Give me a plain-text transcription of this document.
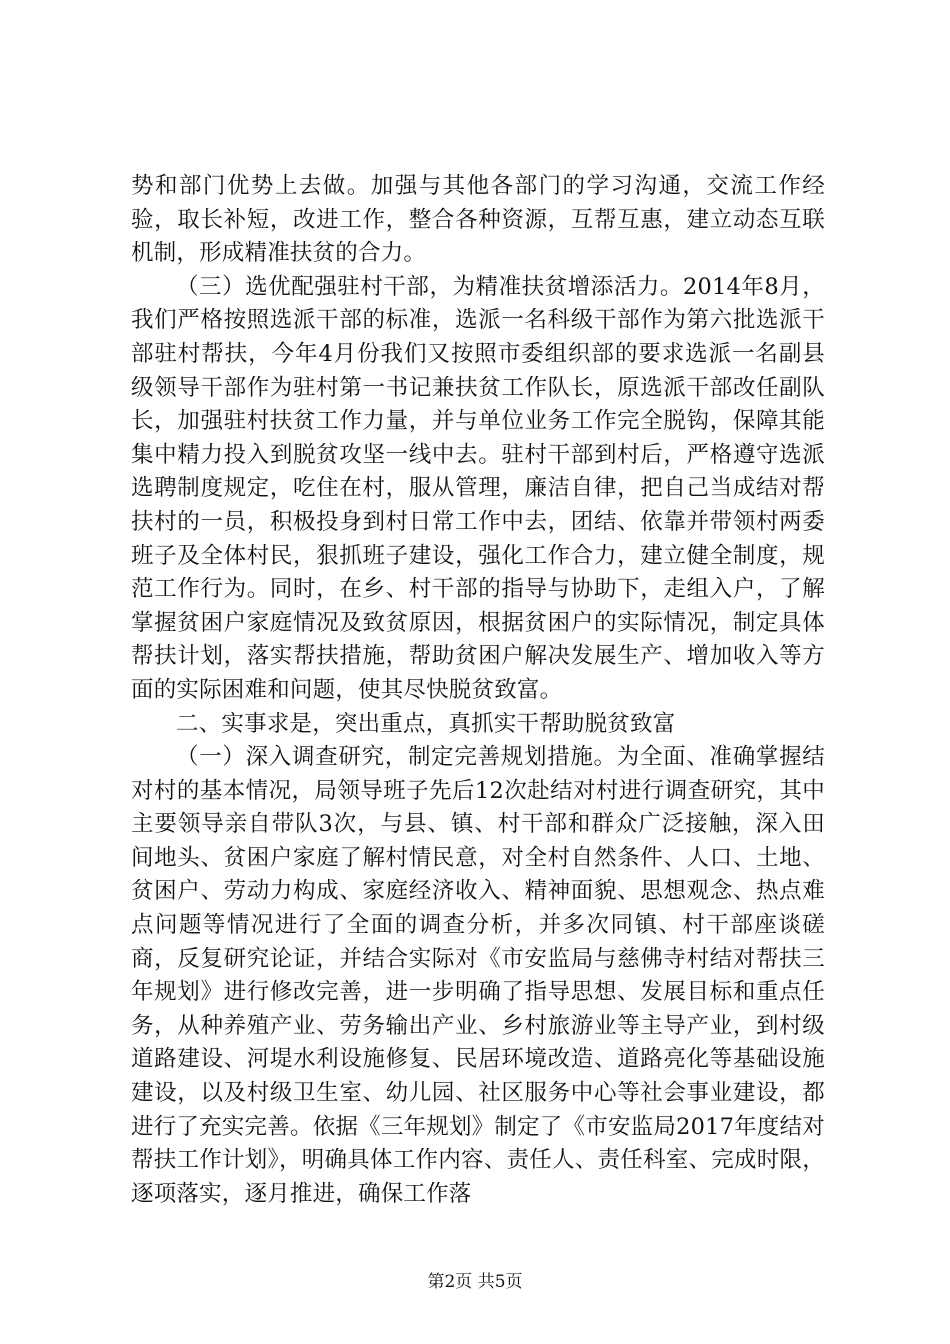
势和部门优势上去做。加强与其他各部门的学习沟通，交流工作经验，取长补短，改进工作，整合各种资源，互帮互惠，建立动态互联机制，形成精准扶贫的合力。

（三）选优配强驻村干部，为精准扶贫增添活力。2014年8月，我们严格按照选派干部的标准，选派一名科级干部作为第六批选派干部驻村帮扶，今年4月份我们又按照市委组织部的要求选派一名副县级领导干部作为驻村第一书记兼扶贫工作队长，原选派干部改任副队长，加强驻村扶贫工作力量，并与单位业务工作完全脱钩，保障其能集中精力投入到脱贫攻坚一线中去。驻村干部到村后，严格遵守选派选聘制度规定，吃住在村，服从管理，廉洁自律，把自己当成结对帮扶村的一员，积极投身到村日常工作中去，团结、依靠并带领村两委班子及全体村民，狠抓班子建设，强化工作合力，建立健全制度，规范工作行为。同时，在乡、村干部的指导与协助下，走组入户，了解掌握贫困户家庭情况及致贫原因，根据贫困户的实际情况，制定具体帮扶计划，落实帮扶措施，帮助贫困户解决发展生产、增加收入等方面的实际困难和问题，使其尽快脱贫致富。

二、实事求是，突出重点，真抓实干帮助脱贫致富

（一）深入调查研究，制定完善规划措施。为全面、准确掌握结对村的基本情况，局领导班子先后12次赴结对村进行调查研究，其中主要领导亲自带队3次，与县、镇、村干部和群众广泛接触，深入田间地头、贫困户家庭了解村情民意，对全村自然条件、人口、土地、贫困户、劳动力构成、家庭经济收入、精神面貌、思想观念、热点难点问题等情况进行了全面的调查分析，并多次同镇、村干部座谈磋商，反复研究论证，并结合实际对《市安监局与慈佛寺村结对帮扶三年规划》进行修改完善，进一步明确了指导思想、发展目标和重点任务，从种养殖产业、劳务输出产业、乡村旅游业等主导产业，到村级道路建设、河堤水利设施修复、民居环境改造、道路亮化等基础设施建设，以及村级卫生室、幼儿园、社区服务中心等社会事业建设，都进行了充实完善。依据《三年规划》制定了《市安监局2017年度结对帮扶工作计划》，明确具体工作内容、责任人、责任科室、完成时限，逐项落实，逐月推进，确保工作落

第2页 共5页
